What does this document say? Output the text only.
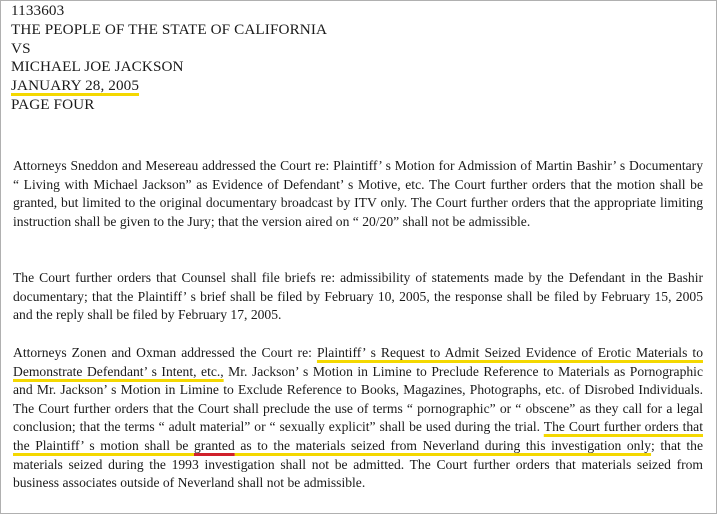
1133603
THE PEOPLE OF THE STATE OF CALIFORNIA
VS
MICHAEL JOE JACKSON
JANUARY 28, 2005
PAGE FOUR

Attorneys Sneddon and Mesereau addressed the Court re: Plaintiff’ s Motion for Admission of Martin Bashir’ s Documentary “ Living with Michael Jackson” as Evidence of Defendant’ s Motive, etc. The Court further orders that the motion shall be granted, but limited to the original documentary broadcast by ITV only. The Court further orders that the appropriate limiting instruction shall be given to the Jury; that the version aired on “ 20/20” shall not be admissible.

The Court further orders that Counsel shall file briefs re: admissibility of statements made by the Defendant in the Bashir documentary; that the Plaintiff’ s brief shall be filed by February 10, 2005, the response shall be filed by February 15, 2005 and the reply shall be filed by February 17, 2005.

Attorneys Zonen and Oxman addressed the Court re: Plaintiff’ s Request to Admit Seized Evidence of Erotic Materials to Demonstrate Defendant’ s Intent, etc., Mr. Jackson’ s Motion in Limine to Preclude Reference to Materials as Pornographic and Mr. Jackson’ s Motion in Limine to Exclude Reference to Books, Magazines, Photographs, etc. of Disrobed Individuals. The Court further orders that the Court shall preclude the use of terms “ pornographic” or “ obscene” as they call for a legal conclusion; that the terms “ adult material” or “ sexually explicit” shall be used during the trial. The Court further orders that the Plaintiff’ s motion shall be granted as to the materials seized from Neverland during this investigation only; that the materials seized during the 1993 investigation shall not be admitted. The Court further orders that materials seized from business associates outside of Neverland shall not be admissible.
